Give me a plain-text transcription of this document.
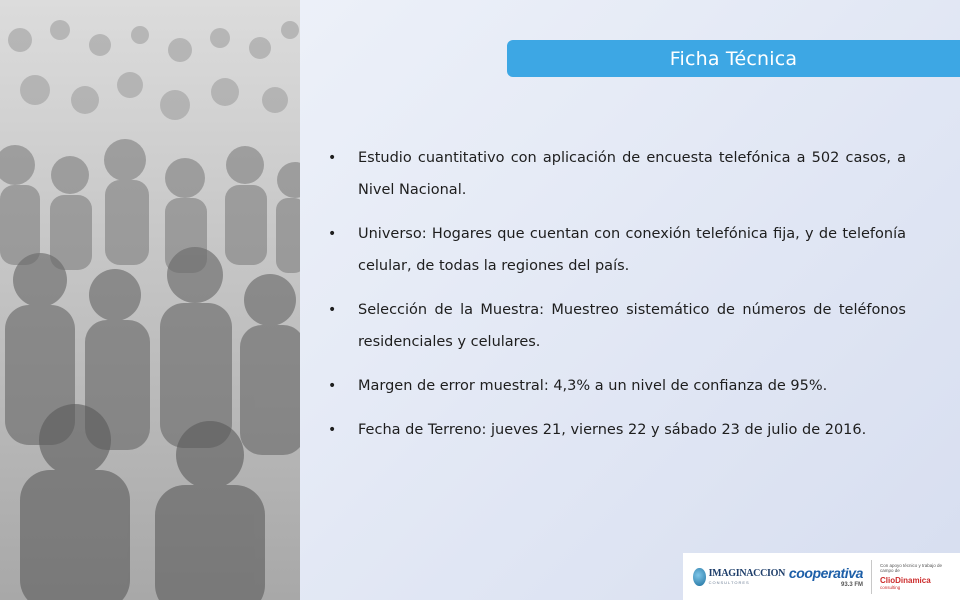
Ficha Técnica
• Estudio cuantitativo con aplicación de encuesta telefónica a 502 casos, a Nivel Nacional.
• Universo: Hogares que cuentan con conexión telefónica fija, y de telefonía celular, de todas la regiones del país.
• Selección de la Muestra: Muestreo sistemático de números de teléfonos residenciales y celulares.
• Margen de error muestral: 4,3% a un nivel de confianza de 95%.
• Fecha de Terreno: jueves 21, viernes 22 y sábado 23 de julio de 2016.
IMAGINACCION
CONSULTORES
cooperativa
93.3 FM
Con apoyo técnico y trabajo de campo de
ClioDinamica
consulting
